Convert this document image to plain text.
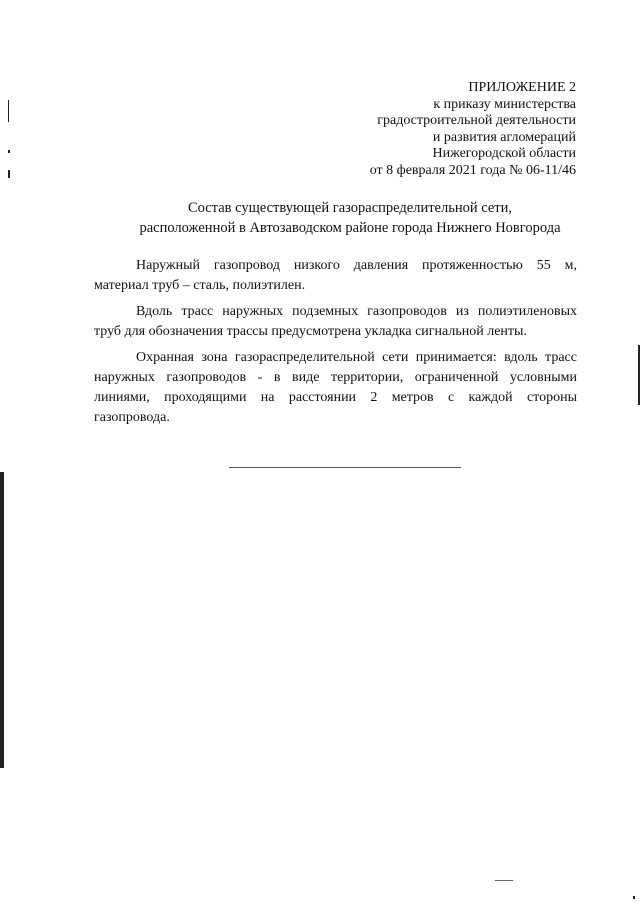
ПРИЛОЖЕНИЕ 2
к приказу министерства
градостроительной деятельности
и развития агломераций
Нижегородской области
от 8 февраля 2021 года № 06-11/46
Состав существующей газораспределительной сети,
расположенной в Автозаводском районе города Нижнего Новгорода
Наружный газопровод низкого давления протяженностью 55 м,
материал труб – сталь, полиэтилен.
Вдоль трасс наружных подземных газопроводов из полиэтиленовых
труб для обозначения трассы предусмотрена укладка сигнальной ленты.
Охранная зона газораспределительной сети принимается: вдоль трасс
наружных газопроводов - в виде территории, ограниченной условными
линиями, проходящими на расстоянии 2 метров с каждой стороны
газопровода.
